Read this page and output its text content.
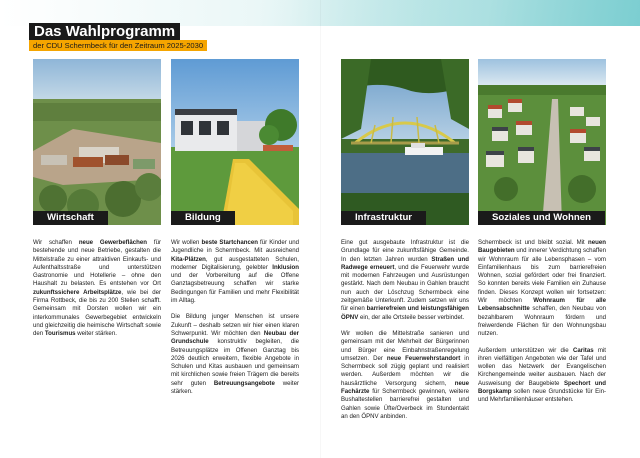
Das Wahlprogramm
der CDU Schermbeck für den Zeitraum 2025-2030
Wirtschaft

Wir schaffen neue Gewerbeflächen für bestehende und neue Betriebe, gestalten die Mittelstraße zu einer attraktiven Einkaufs- und Aufenthaltsstraße und unterstützen Gastronomie und Hotellerie – ohne den Haushalt zu belasten. Es entstehen vor Ort zukunftssichere Arbeitsplätze, wie bei der Firma Rottbeck, die bis zu 200 Stellen schafft. Gemeinsam mit Dorsten wollen wir ein interkommunales Gewerbegebiet entwickeln und gleichzeitig die heimische Wirtschaft sowie den Tourismus weiter stärken.

Bildung

Wir wollen beste Startchancen für Kinder und Jugendliche in Schermbeck. Mit ausreichend Kita-Plätzen, gut ausgestatteten Schulen, moderner Digitalisierung, gelebter Inklusion und der Vorbereitung auf die Offene Ganztagsbetreuung schaffen wir starke Bedingungen für Familien und mehr Flexibilität im Alltag.

Die Bildung junger Menschen ist unsere Zukunft – deshalb setzen wir hier einen klaren Schwerpunkt. Wir möchten den Neubau der Grundschule konstruktiv begleiten, die Betreuungsplätze im Offenen Ganztag bis 2026 deutlich erweitern, flexible Angebote in Schulen und Kitas ausbauen und gemeinsam mit kirchlichen sowie freien Trägern die bereits sehr guten Betreuungsangebote weiter stärken.

Infrastruktur

Eine gut ausgebaute Infrastruktur ist die Grundlage für eine zukunftsfähige Gemeinde. In den letzten Jahren wurden Straßen und Radwege erneuert, und die Feuerwehr wurde mit modernen Fahrzeugen und Ausrüstungen gestärkt. Nach dem Neubau in Gahlen braucht nun auch der Löschzug Schermbeck eine zeitgemäße Unterkunft. Zudem setzen wir uns für einen barrierefreien und leistungsfähigen ÖPNV ein, der alle Ortsteile besser verbindet.

Wir wollen die Mittelstraße sanieren und gemeinsam mit der Mehrheit der Bürgerinnen und Bürger eine Einbahnstraßenregelung umsetzen. Der neue Feuerwehrstandort in Schermbeck soll zügig geplant und realisiert werden. Außerdem möchten wir die hausärztliche Versorgung sichern, neue Fachärzte für Schermbeck gewinnen, weitere Bushaltestellen barrierefrei gestalten und Gahlen sowie Üfte/Overbeck im Stundentakt an den ÖPNV anbinden.

Soziales und Wohnen

Schermbeck ist und bleibt sozial. Mit neuen Baugebieten und innerer Verdichtung schaffen wir Wohnraum für alle Lebensphasen – vom Einfamilienhaus bis zum barrierefreien Wohnen, sozial gefördert oder frei finanziert. So konnten bereits viele Familien ein Zuhause finden. Dieses Konzept wollen wir fortsetzen: Wir möchten Wohnraum für alle Lebensabschnitte schaffen, den Neubau von bezahlbarem Wohnraum fördern und freiwerdende Flächen für den Wohnungsbau nutzen.

Außerdem unterstützen wir die Caritas mit ihren vielfältigen Angeboten wie der Tafel und wollen das Netzwerk der Evangelischen Kirchengemeinde weiter ausbauen. Nach der Ausweisung der Baugebiete Spechort und Borgskamp sollen neue Grundstücke für Ein- und Mehrfamilienhäuser entstehen.
